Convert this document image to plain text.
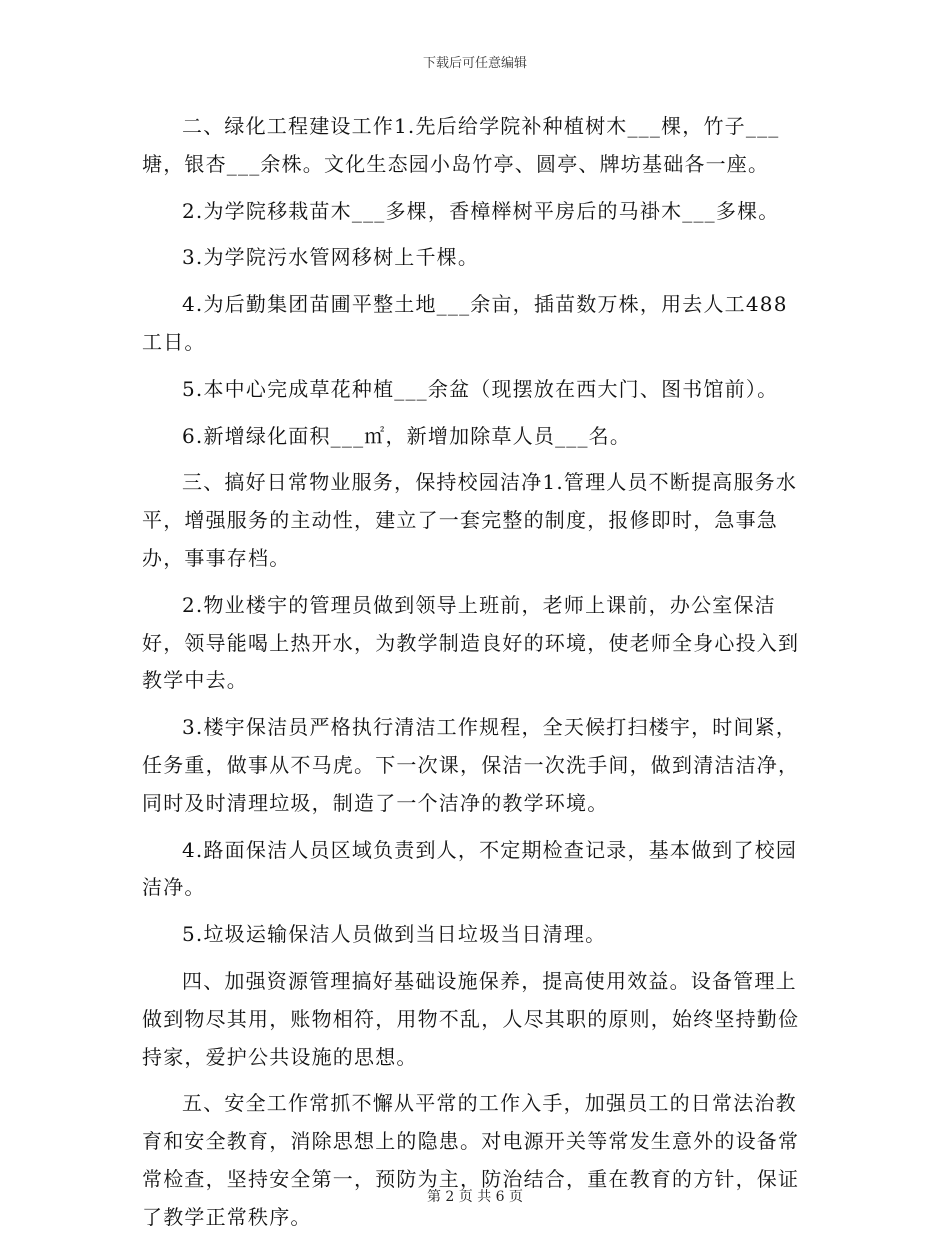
下载后可任意编辑

二、绿化工程建设工作1.先后给学院补种植树木___棵，竹子___塘，银杏___余株。文化生态园小岛竹亭、圆亭、牌坊基础各一座。

2.为学院移栽苗木___多棵，香樟榉树平房后的马褂木___多棵。

3.为学院污水管网移树上千棵。

4.为后勤集团苗圃平整土地___余亩，插苗数万株，用去人工488工日。

5.本中心完成草花种植___余盆（现摆放在西大门、图书馆前）。

6.新增绿化面积___㎡，新增加除草人员___名。

三、搞好日常物业服务，保持校园洁净1.管理人员不断提高服务水平，增强服务的主动性，建立了一套完整的制度，报修即时，急事急办，事事存档。

2.物业楼宇的管理员做到领导上班前，老师上课前，办公室保洁好，领导能喝上热开水，为教学制造良好的环境，使老师全身心投入到教学中去。

3.楼宇保洁员严格执行清洁工作规程，全天候打扫楼宇，时间紧，任务重，做事从不马虎。下一次课，保洁一次洗手间，做到清洁洁净，同时及时清理垃圾，制造了一个洁净的教学环境。

4.路面保洁人员区域负责到人，不定期检查记录，基本做到了校园洁净。

5.垃圾运输保洁人员做到当日垃圾当日清理。

四、加强资源管理搞好基础设施保养，提高使用效益。设备管理上做到物尽其用，账物相符，用物不乱，人尽其职的原则，始终坚持勤俭持家，爱护公共设施的思想。

五、安全工作常抓不懈从平常的工作入手，加强员工的日常法治教育和安全教育，消除思想上的隐患。对电源开关等常发生意外的设备常常检查，坚持安全第一，预防为主，防治结合，重在教育的方针，保证了教学正常秩序。

第 2 页 共 6 页
